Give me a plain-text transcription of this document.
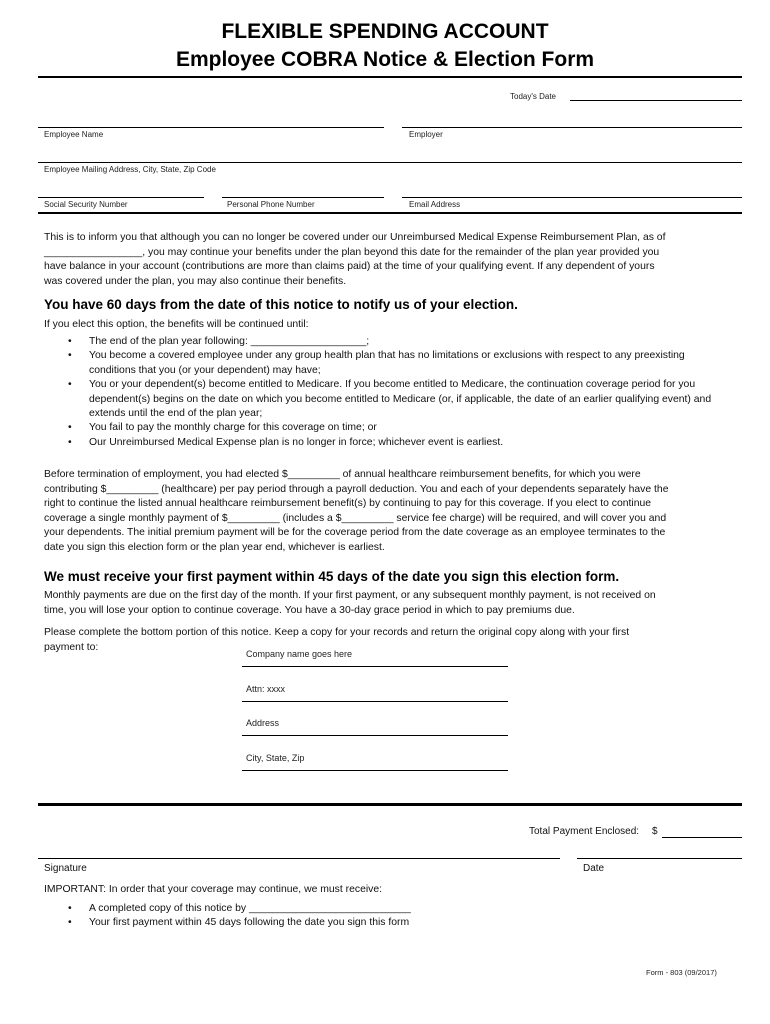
FLEXIBLE SPENDING ACCOUNT
Employee COBRA Notice & Election Form
Today's Date
Employee Name	Employer
Employee Mailing Address, City, State, Zip Code
Social Security Number	Personal Phone Number	Email Address
This is to inform you that although you can no longer be covered under our Unreimbursed Medical Expense Reimbursement Plan, as of
_________________, you may continue your benefits under the plan beyond this date for the remainder of the plan year provided you
have balance in your account (contributions are more than claims paid) at the time of your qualifying event. If any dependent of yours
was covered under the plan, you may also continue their benefits.
You have 60 days from the date of this notice to notify us of your election.
If you elect this option, the benefits will be continued until:
• The end of the plan year following: ____________________;
• You become a covered employee under any group health plan that has no limitations or exclusions with respect to any preexisting conditions that you (or your dependent) may have;
• You or your dependent(s) become entitled to Medicare. If you become entitled to Medicare, the continuation coverage period for you dependent(s) begins on the date on which you become entitled to Medicare (or, if applicable, the date of an earlier qualifying event) and extends until the end of the plan year;
• You fail to pay the monthly charge for this coverage on time; or
• Our Unreimbursed Medical Expense plan is no longer in force; whichever event is earliest.
Before termination of employment, you had elected $_________ of annual healthcare reimbursement benefits, for which you were
contributing $_________ (healthcare) per pay period through a payroll deduction. You and each of your dependents separately have the
right to continue the listed annual healthcare reimbursement benefit(s) by continuing to pay for this coverage. If you elect to continue
coverage a single monthly payment of $_________ (includes a $_________ service fee charge) will be required, and will cover you and
your dependents. The initial premium payment will be for the coverage period from the date coverage as an employee terminates to the
date you sign this election form or the plan year end, whichever is earliest.
We must receive your first payment within 45 days of the date you sign this election form.
Monthly payments are due on the first day of the month. If your first payment, or any subsequent monthly payment, is not received on
time, you will lose your option to continue coverage. You have a 30-day grace period in which to pay premiums due.
Please complete the bottom portion of this notice. Keep a copy for your records and return the original copy along with your first
payment to:
Company name goes here
Attn: xxxx
Address
City, State, Zip
Total Payment Enclosed: $
Signature	Date
IMPORTANT: In order that your coverage may continue, we must receive:
• A completed copy of this notice by ____________________________
• Your first payment within 45 days following the date you sign this form
Form - 803 (09/2017)
